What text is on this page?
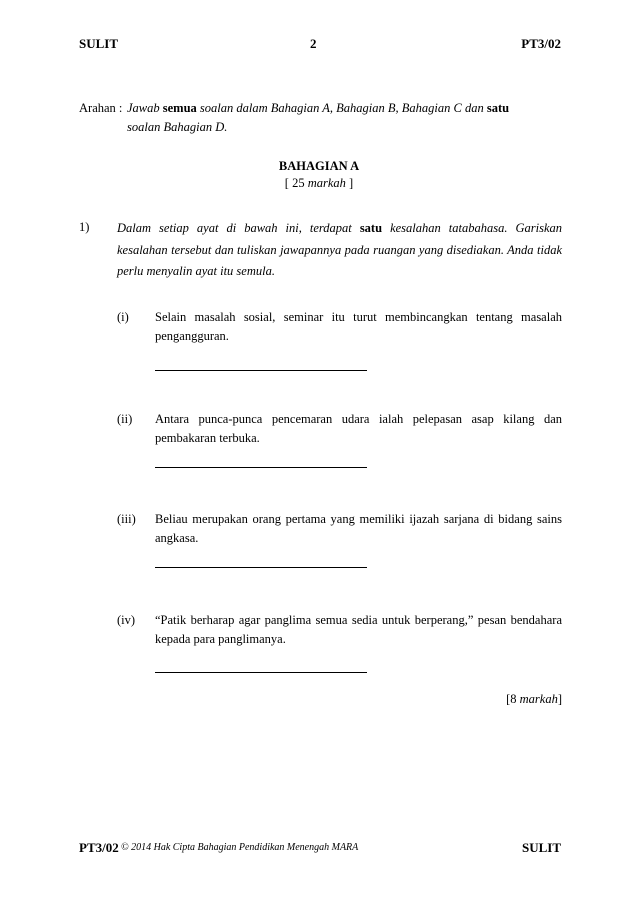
SULIT	2	PT3/02
Arahan : Jawab semua soalan dalam Bahagian A, Bahagian B, Bahagian C dan satu
soalan Bahagian D.
BAHAGIAN A
[ 25 markah ]
1) Dalam setiap ayat di bawah ini, terdapat satu kesalahan tatabahasa. Gariskan kesalahan tersebut dan tuliskan jawapannya pada ruangan yang disediakan. Anda tidak perlu menyalin ayat itu semula.
(i) Selain masalah sosial, seminar itu turut membincangkan tentang masalah pengangguran.
(ii) Antara punca-punca pencemaran udara ialah pelepasan asap kilang dan pembakaran terbuka.
(iii) Beliau merupakan orang pertama yang memiliki ijazah sarjana di bidang sains angkasa.
(iv) “Patik berharap agar panglima semua sedia untuk berperang,” pesan bendahara kepada para panglimanya.
[8 markah]
PT3/02 © 2014 Hak Cipta Bahagian Pendidikan Menengah MARA	SULIT
